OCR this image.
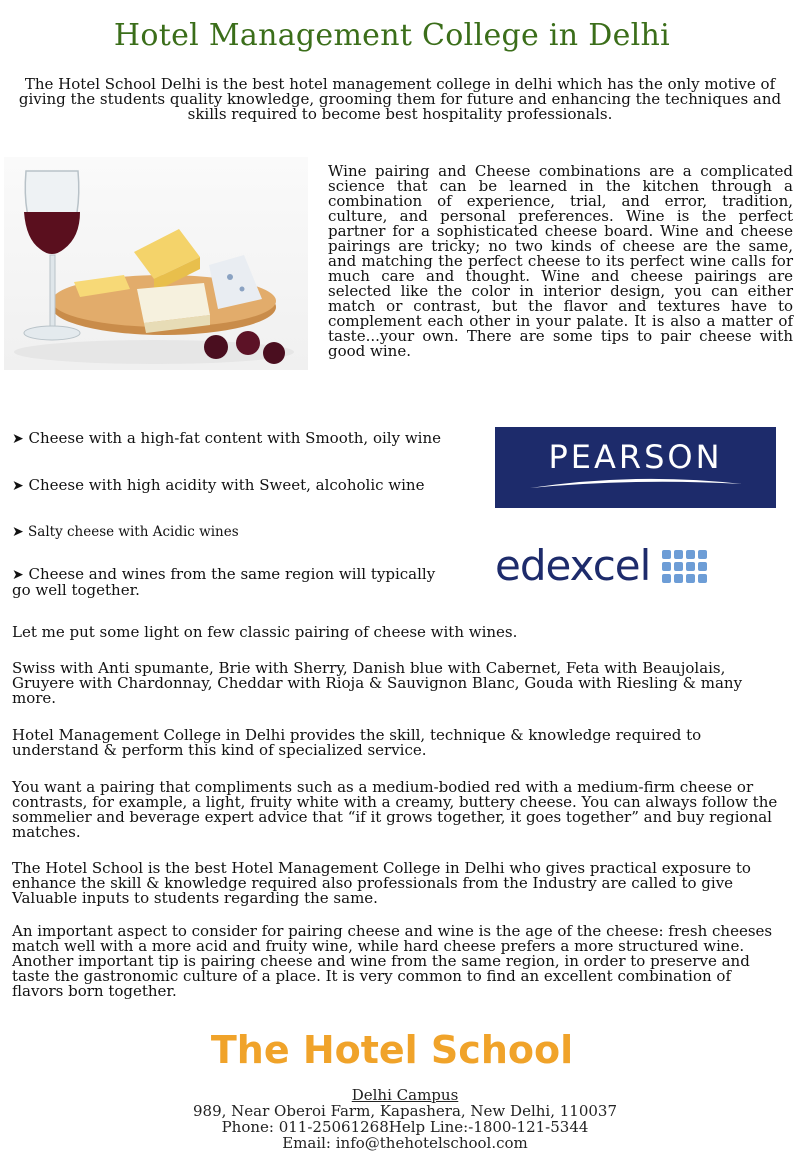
Hotel Management College in Delhi
The Hotel School Delhi is the best hotel management college in delhi which has the only motive of giving the students quality knowledge, grooming them for future and enhancing the techniques and skills required to become best hospitality professionals.
Wine pairing and Cheese combinations are a complicated science that can be learned in the kitchen through a combination of experience, trial, and error, tradition, culture, and personal preferences. Wine is the perfect partner for a sophisticated cheese board. Wine and cheese pairings are tricky; no two kinds of cheese are the same, and matching the perfect cheese to its perfect wine calls for much care and thought. Wine and cheese pairings are selected like the color in interior design, you can either match or contrast, but the flavor and textures have to complement each other in your palate. It is also a matter of taste...your own. There are some tips to pair cheese with good wine.
➤ Cheese with a high-fat content with Smooth, oily wine
➤ Cheese with high acidity with Sweet, alcoholic wine
➤ Salty cheese with Acidic wines
➤ Cheese and wines from the same region will typically go well together.
PEARSON
edexcel
Let me put some light on few classic pairing of cheese with wines.
Swiss with Anti spumante, Brie with Sherry, Danish blue with Cabernet, Feta with Beaujolais, Gruyere with Chardonnay, Cheddar with Rioja & Sauvignon Blanc, Gouda with Riesling & many more.
Hotel Management College in Delhi provides the skill, technique & knowledge required to understand & perform this kind of specialized service.
You want a pairing that compliments such as a medium-bodied red with a medium-firm cheese or contrasts, for example, a light, fruity white with a creamy, buttery cheese. You can always follow the sommelier and beverage expert advice that “if it grows together, it goes together” and buy regional matches.
The Hotel School is the best Hotel Management College in Delhi who gives practical exposure to enhance the skill & knowledge required also professionals from the Industry are called to give Valuable inputs to students regarding the same.
An important aspect to consider for pairing cheese and wine is the age of the cheese: fresh cheeses match well with a more acid and fruity wine, while hard cheese prefers a more structured wine. Another important tip is pairing cheese and wine from the same region, in order to preserve and taste the gastronomic culture of a place. It is very common to find an excellent combination of flavors born together.
The Hotel School
Delhi Campus
989, Near Oberoi Farm, Kapashera, New Delhi, 110037
Phone: 011-25061268Help Line:-1800-121-5344
Email: info@thehotelschool.com
